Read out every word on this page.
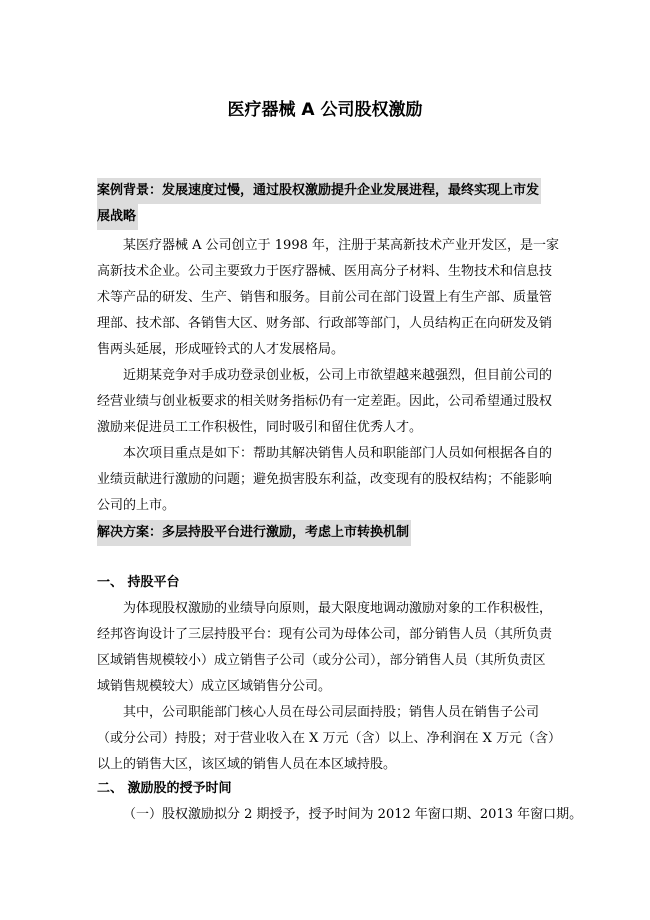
医疗器械 A 公司股权激励
案例背景：发展速度过慢，通过股权激励提升企业发展进程，最终实现上市发
展战略
某医疗器械 A 公司创立于 1998 年，注册于某高新技术产业开发区，是一家
高新技术企业。公司主要致力于医疗器械、医用高分子材料、生物技术和信息技
术等产品的研发、生产、销售和服务。目前公司在部门设置上有生产部、质量管
理部、技术部、各销售大区、财务部、行政部等部门，人员结构正在向研发及销
售两头延展，形成哑铃式的人才发展格局。
近期某竞争对手成功登录创业板，公司上市欲望越来越强烈，但目前公司的
经营业绩与创业板要求的相关财务指标仍有一定差距。因此，公司希望通过股权
激励来促进员工工作积极性，同时吸引和留住优秀人才。
本次项目重点是如下：帮助其解决销售人员和职能部门人员如何根据各自的
业绩贡献进行激励的问题；避免损害股东利益，改变现有的股权结构；不能影响
公司的上市。
解决方案：多层持股平台进行激励，考虑上市转换机制
一、 持股平台
为体现股权激励的业绩导向原则，最大限度地调动激励对象的工作积极性，
经邦咨询设计了三层持股平台：现有公司为母体公司，部分销售人员（其所负责
区域销售规模较小）成立销售子公司（或分公司），部分销售人员（其所负责区
域销售规模较大）成立区域销售分公司。
其中，公司职能部门核心人员在母公司层面持股；销售人员在销售子公司
（或分公司）持股；对于营业收入在 X 万元（含）以上、净利润在 X 万元（含）
以上的销售大区，该区域的销售人员在本区域持股。
二、 激励股的授予时间
（一）股权激励拟分 2 期授予，授予时间为 2012 年窗口期、2013 年窗口期。
